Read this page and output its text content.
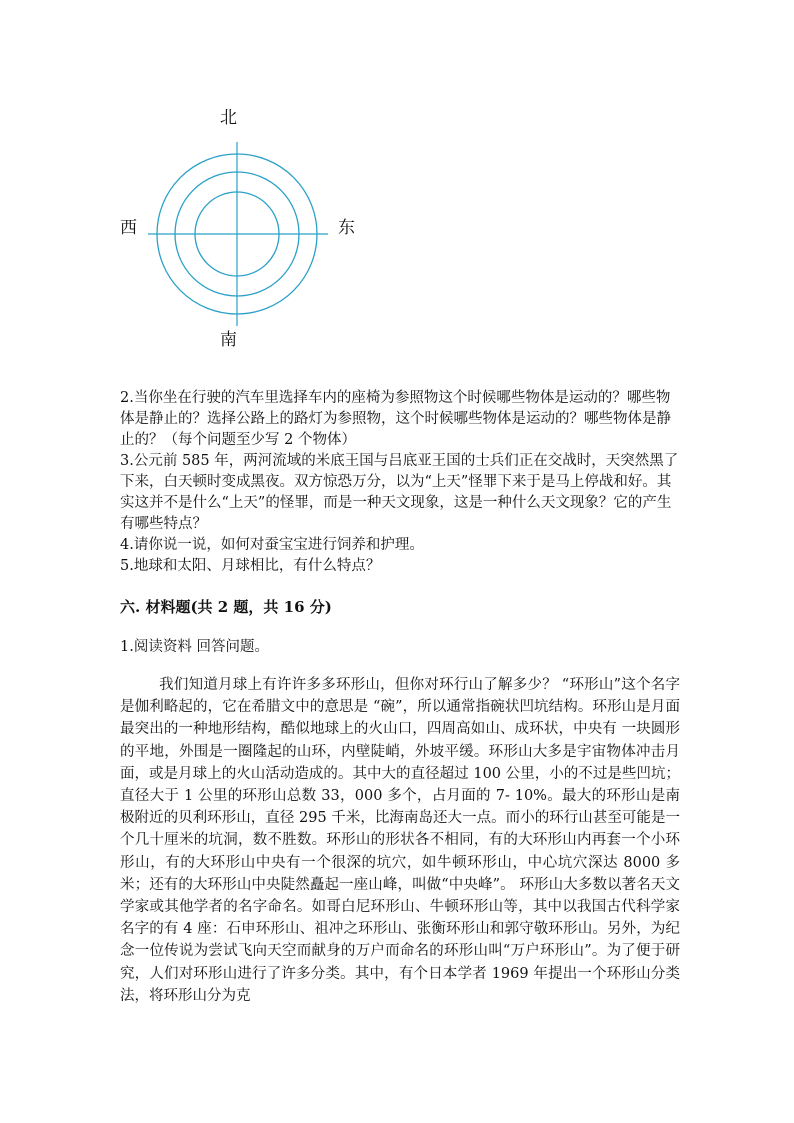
北
南
西	东

2.当你坐在行驶的汽车里选择车内的座椅为参照物这个时候哪些物体是运动的？哪些物体是静止的？选择公路上的路灯为参照物，这个时候哪些物体是运动的？哪些物体是静止的？（每个问题至少写 2 个物体）

3.公元前 585 年，两河流域的米底王国与吕底亚王国的士兵们正在交战时，天突然黑了下来，白天顿时变成黑夜。双方惊恐万分，以为“上天”怪罪下来于是马上停战和好。其实这并不是什么“上天”的怪罪，而是一种天文现象，这是一种什么天文现象？它的产生有哪些特点？

4.请你说一说，如何对蚕宝宝进行饲养和护理。

5.地球和太阳、月球相比，有什么特点？

六. 材料题(共 2 题，共 16 分)
1.阅读资料 回答问题。

我们知道月球上有许许多多环形山，但你对环行山了解多少？ “环形山”这个名字是伽利略起的，它在希腊文中的意思是 “碗”，所以通常指碗状凹坑结构。环形山是月面最突出的一种地形结构，酷似地球上的火山口，四周高如山、成环状，中央有 一块圆形的平地，外围是一圈隆起的山环，内壁陡峭，外坡平缓。环形山大多是宇宙物体冲击月面，或是月球上的火山活动造成的。其中大的直径超过 100 公里，小的不过是些凹坑；直径大于 1 公里的环形山总数 33，000 多个，占月面的 7- 10%。最大的环形山是南极附近的贝利环形山，直径 295 千米，比海南岛还大一点。而小的环行山甚至可能是一个几十厘米的坑洞，数不胜数。环形山的形状各不相同，有的大环形山内再套一个小环形山，有的大环形山中央有一个很深的坑穴，如牛顿环形山，中心坑穴深达 8000 多米；还有的大环形山中央陡然矗起一座山峰，叫做“中央峰”。 环形山大多数以著名天文学家或其他学者的名字命名。如哥白尼环形山、牛顿环形山等，其中以我国古代科学家名字的有 4 座：石申环形山、祖冲之环形山、张衡环形山和郭守敬环形山。另外，为纪念一位传说为尝试飞向天空而献身的万户而命名的环形山叫“万户环形山”。为了便于研究，人们对环形山进行了许多分类。其中，有个日本学者 1969 年提出一个环形山分类法，将环形山分为克
